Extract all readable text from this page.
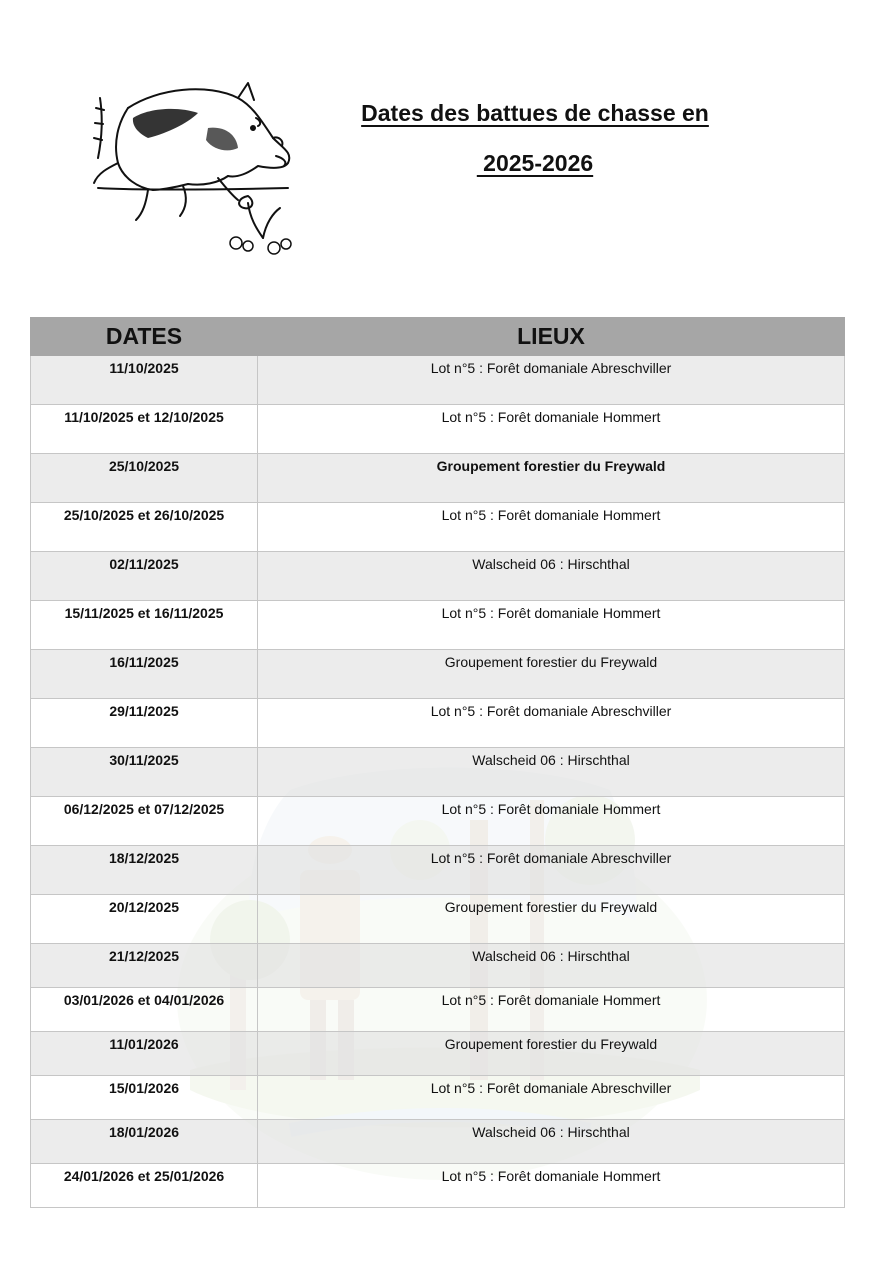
Dates des battues de chasse en
2025-2026
DATES	LIEUX
11/10/2025	Lot n°5 : Forêt domaniale Abreschviller
11/10/2025 et 12/10/2025	Lot n°5 : Forêt domaniale Hommert
25/10/2025	Groupement forestier du Freywald
25/10/2025 et 26/10/2025	Lot n°5 : Forêt domaniale Hommert
02/11/2025	Walscheid 06 : Hirschthal
15/11/2025 et 16/11/2025	Lot n°5 : Forêt domaniale Hommert
16/11/2025	Groupement forestier du Freywald
29/11/2025	Lot n°5 : Forêt domaniale Abreschviller
30/11/2025	Walscheid 06 : Hirschthal
06/12/2025 et 07/12/2025	Lot n°5 : Forêt domaniale Hommert
18/12/2025	Lot n°5 : Forêt domaniale Abreschviller
20/12/2025	Groupement forestier du Freywald
21/12/2025	Walscheid 06 : Hirschthal
03/01/2026 et 04/01/2026	Lot n°5 : Forêt domaniale Hommert
11/01/2026	Groupement forestier du Freywald
15/01/2026	Lot n°5 : Forêt domaniale Abreschviller
18/01/2026	Walscheid 06 : Hirschthal
24/01/2026 et 25/01/2026	Lot n°5 : Forêt domaniale Hommert
